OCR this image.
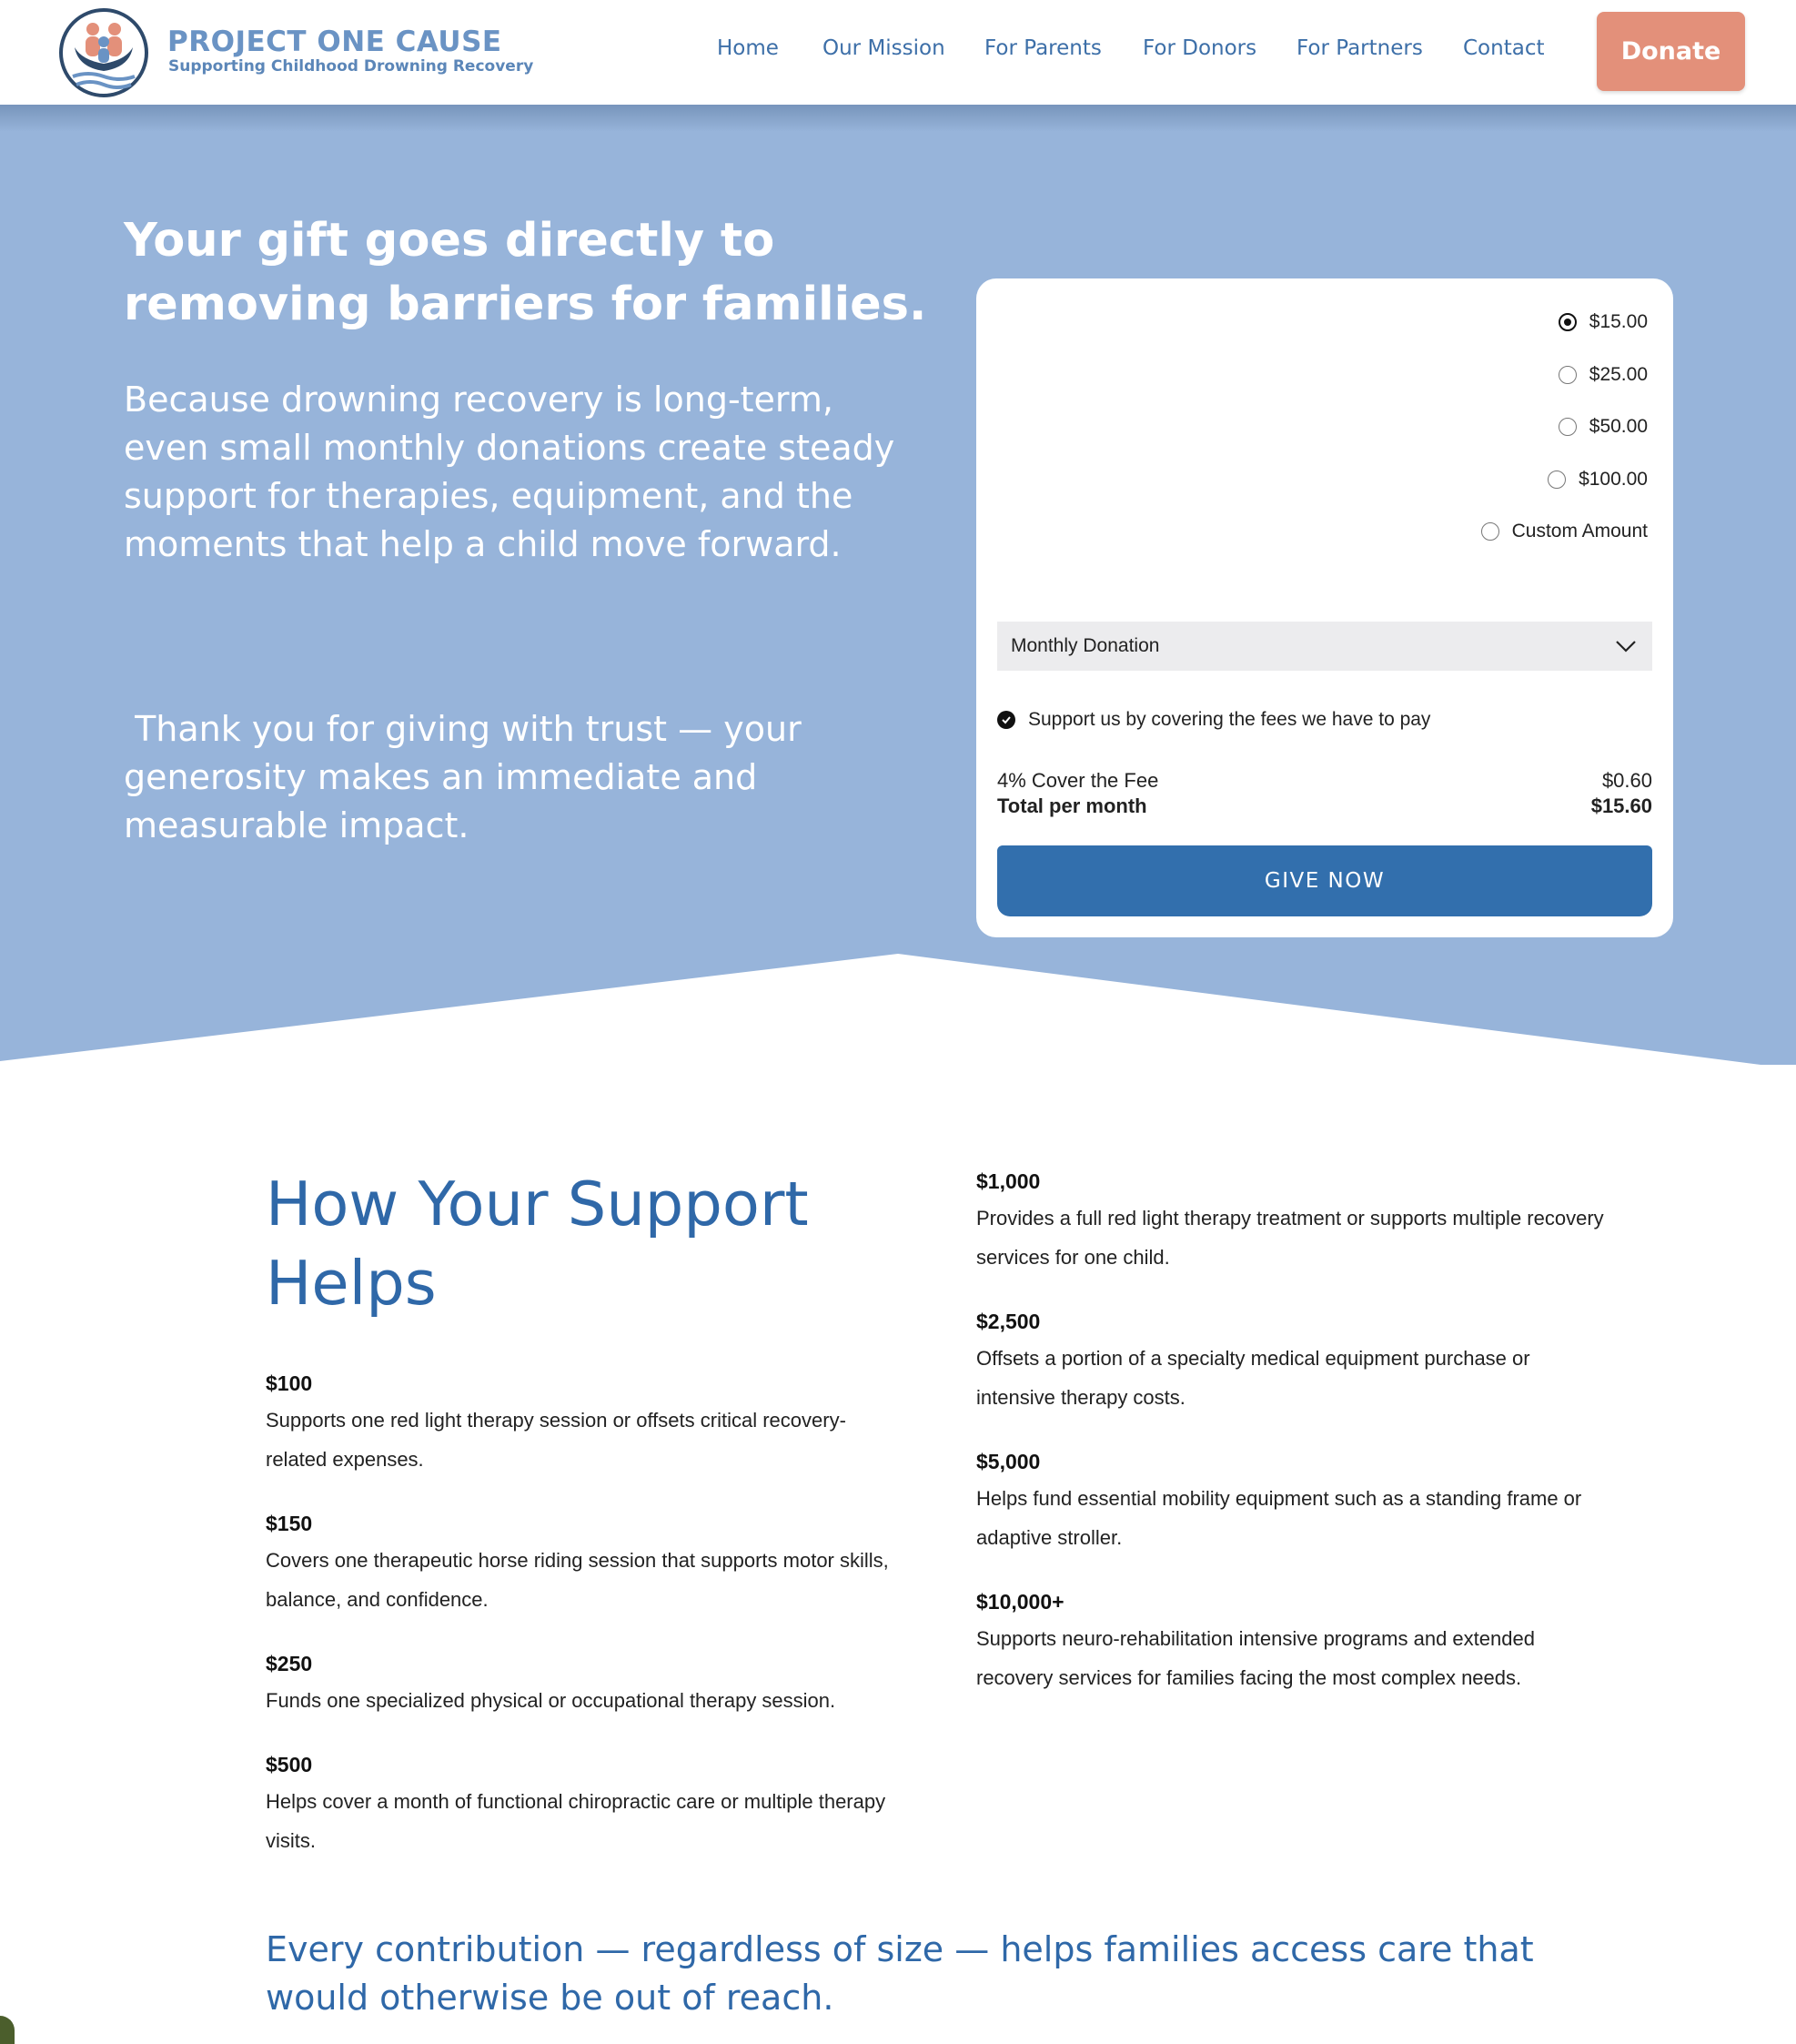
PROJECT ONE CAUSE
Supporting Childhood Drowning Recovery
Home Our Mission For Parents For Donors For Partners Contact	Donate
Your gift goes directly to removing barriers for families.
Because drowning recovery is long-term, even small monthly donations create steady support for therapies, equipment, and the moments that help a child move forward.
Thank you for giving with trust — your generosity makes an immediate and measurable impact.
$15.00
$25.00
$50.00
$100.00
Custom Amount
Monthly Donation
Support us by covering the fees we have to pay
4% Cover the Fee	$0.60
Total per month	$15.60
GIVE NOW
How Your Support Helps
$100
Supports one red light therapy session or offsets critical recovery-related expenses.
$150
Covers one therapeutic horse riding session that supports motor skills, balance, and confidence.
$250
Funds one specialized physical or occupational therapy session.
$500
Helps cover a month of functional chiropractic care or multiple therapy visits.
$1,000
Provides a full red light therapy treatment or supports multiple recovery services for one child.
$2,500
Offsets a portion of a specialty medical equipment purchase or intensive therapy costs.
$5,000
Helps fund essential mobility equipment such as a standing frame or adaptive stroller.
$10,000+
Supports neuro-rehabilitation intensive programs and extended recovery services for families facing the most complex needs.
Every contribution — regardless of size — helps families access care that would otherwise be out of reach.
